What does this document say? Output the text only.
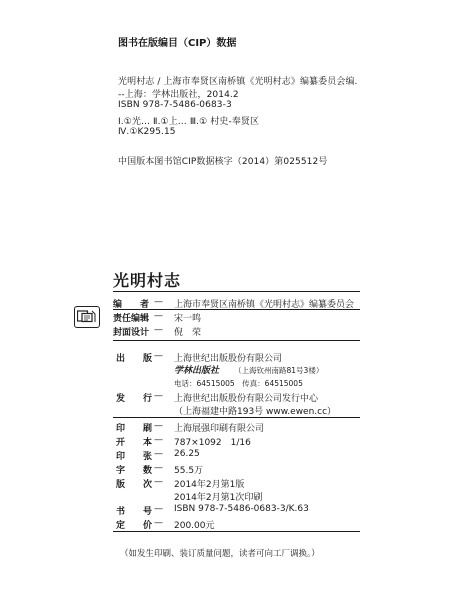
图书在版编目（CIP）数据
光明村志 / 上海市奉贤区南桥镇《光明村志》编纂委员会编.
--上海：学林出版社，2014.2
ISBN 978-7-5486-0683-3
Ⅰ.①光… Ⅱ.①上… Ⅲ.① 村史-奉贤区
Ⅳ.①K295.15
中国版本图书馆CIP数据核字（2014）第025512号
光明村志
编　　者 — 上海市奉贤区南桥镇《光明村志》编纂委员会
责任编辑 — 宋一鸣
封面设计 — 倪　荣
出　　版 — 上海世纪出版股份有限公司
学林出版社 （上海钦州南路81号3楼）
电话：64515005　传真：64515005
发　　行 — 上海世纪出版股份有限公司发行中心
（上海福建中路193号 www.ewen.cc）
印　　刷 — 上海展强印刷有限公司
开　　本 — 787×1092　1/16
印　　张 — 26.25
字　　数 — 55.5万
版　　次 — 2014年2月第1版
2014年2月第1次印刷
书　　号 — ISBN 978-7-5486-0683-3/K.63
定　　价 — 200.00元
（如发生印刷、装订质量问题，读者可向工厂调换。）
